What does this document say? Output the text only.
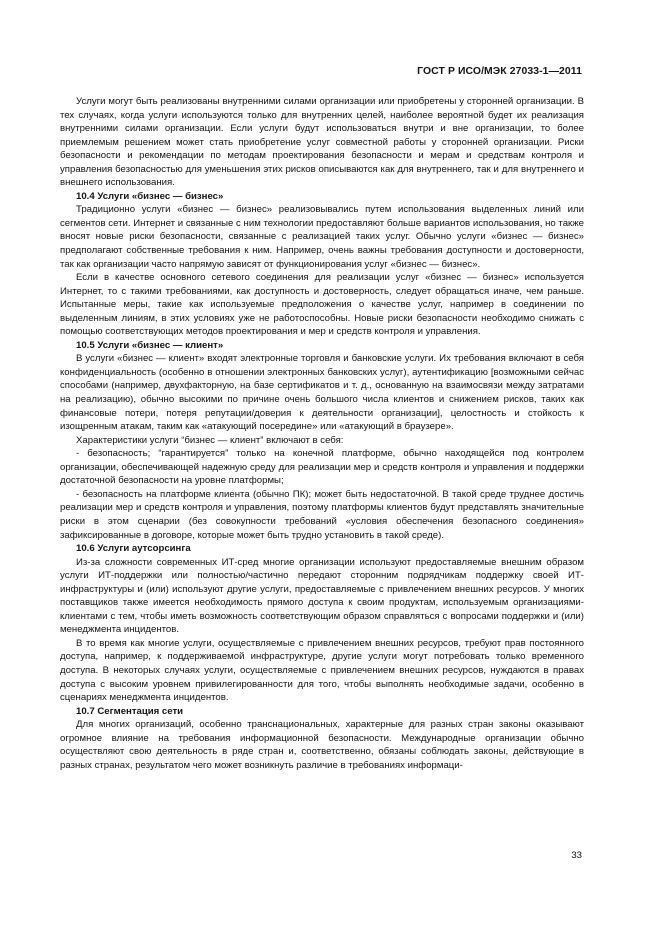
ГОСТ Р ИСО/МЭК 27033-1—2011

Услуги могут быть реализованы внутренними силами организации или приобретены у сторонней организации. В тех случаях, когда услуги используются только для внутренних целей, наиболее вероятной будет их реализация внутренними силами организации. Если услуги будут использоваться внутри и вне организации, то более приемлемым решением может стать приобретение услуг совместной работы у сторонней организации. Риски безопасности и рекомендации по методам проектирования безопасности и мерам и средствам контроля и управления безопасностью для уменьшения этих рисков описываются как для внутреннего, так и для внутреннего и внешнего использования.

10.4 Услуги «бизнес — бизнес»

Традиционно услуги «бизнес — бизнес» реализовывались путем использования выделенных линий или сегментов сети. Интернет и связанные с ним технологии предоставляют больше вариантов использования, но также вносят новые риски безопасности, связанные с реализацией таких услуг. Обычно услуги «бизнес — бизнес» предполагают собственные требования к ним. Например, очень важны требования доступности и достоверности, так как организации часто напрямую зависят от функционирования услуг «бизнес — бизнес».

Если в качестве основного сетевого соединения для реализации услуг «бизнес — бизнес» используется Интернет, то с такими требованиями, как доступность и достоверность, следует обращаться иначе, чем раньше. Испытанные меры, такие как используемые предположения о качестве услуг, например в соединении по выделенным линиям, в этих условиях уже не работоспособны. Новые риски безопасности необходимо снижать с помощью соответствующих методов проектирования и мер и средств контроля и управления.

10.5 Услуги «бизнес — клиент»

В услуги «бизнес — клиент» входят электронные торговля и банковские услуги. Их требования включают в себя конфиденциальность (особенно в отношении электронных банковских услуг), аутентификацию [возможными сейчас способами (например, двухфакторную, на базе сертификатов и т. д., основанную на взаимосвязи между затратами на реализацию), обычно высокими по причине очень большого числа клиентов и снижением рисков, таких как финансовые потери, потеря репутации/доверия к деятельности организации], целостность и стойкость к изощренным атакам, таким как «атакующий посередине» или «атакующий в браузере».

Характеристики услуги “бизнес — клиент” включают в себя:

- безопасность; “гарантируется” только на конечной платформе, обычно находящейся под контролем организации, обеспечивающей надежную среду для реализации мер и средств контроля и управления и поддержки достаточной безопасности на уровне платформы;

- безопасность на платформе клиента (обычно ПК); может быть недостаточной. В такой среде труднее достичь реализации мер и средств контроля и управления, поэтому платформы клиентов будут представлять значительные риски в этом сценарии (без совокупности требований «условия обеспечения безопасного соединения» зафиксированные в договоре, которые может быть трудно установить в такой среде).

10.6 Услуги аутсорсинга

Из-за сложности современных ИТ-сред многие организации используют предоставляемые внешним образом услуги ИТ-поддержки или полностью/частично передают сторонним подрядчикам поддержку своей ИТ-инфраструктуры и (или) используют другие услуги, предоставляемые с привлечением внешних ресурсов. У многих поставщиков также имеется необходимость прямого доступа к своим продуктам, используемым организациями-клиентами с тем, чтобы иметь возможность соответствующим образом справляться с вопросами поддержки и (или) менеджмента инцидентов.

В то время как многие услуги, осуществляемые с привлечением внешних ресурсов, требуют прав постоянного доступа, например, к поддерживаемой инфраструктуре, другие услуги могут потребовать только временного доступа. В некоторых случаях услуги, осуществляемые с привлечением внешних ресурсов, нуждаются в правах доступа с высоким уровнем привилегированности для того, чтобы выполнять необходимые задачи, особенно в сценариях менеджмента инцидентов.

10.7 Сегментация сети

Для многих организаций, особенно транснациональных, характерные для разных стран законы оказывают огромное влияние на требования информационной безопасности. Международные организации обычно осуществляют свою деятельность в ряде стран и, соответственно, обязаны соблюдать законы, действующие в разных странах, результатом чего может возникнуть различие в требованиях информаци-

33
